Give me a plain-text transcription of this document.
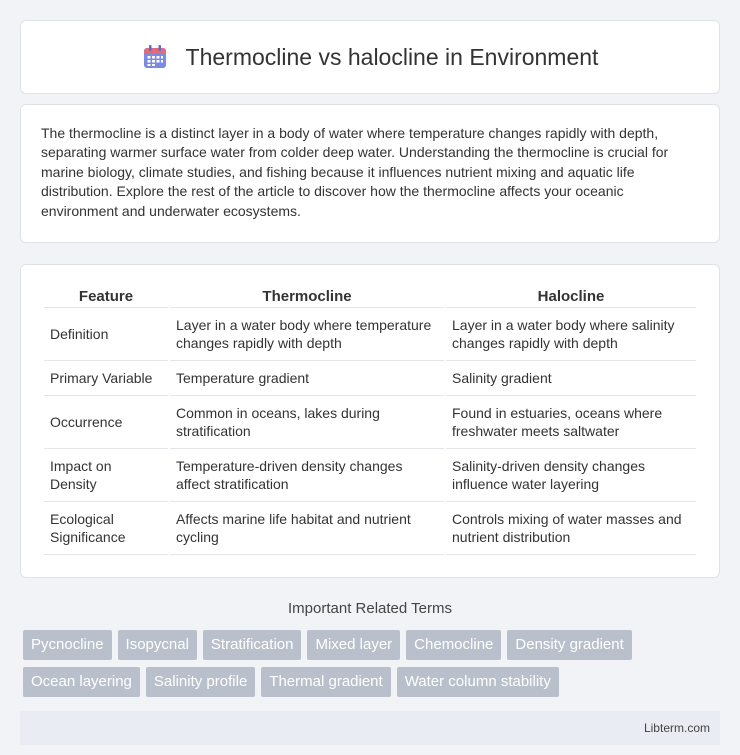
Thermocline vs halocline in Environment

The thermocline is a distinct layer in a body of water where temperature changes rapidly with depth, separating warmer surface water from colder deep water. Understanding the thermocline is crucial for marine biology, climate studies, and fishing because it influences nutrient mixing and aquatic life distribution. Explore the rest of the article to discover how the thermocline affects your oceanic environment and underwater ecosystems.

Feature	Thermocline	Halocline
Definition	Layer in a water body where temperature changes rapidly with depth	Layer in a water body where salinity changes rapidly with depth
Primary Variable	Temperature gradient	Salinity gradient
Occurrence	Common in oceans, lakes during stratification	Found in estuaries, oceans where freshwater meets saltwater
Impact on Density	Temperature-driven density changes affect stratification	Salinity-driven density changes influence water layering
Ecological Significance	Affects marine life habitat and nutrient cycling	Controls mixing of water masses and nutrient distribution
Important Related Terms
Pycnocline	Isopycnal	Stratification	Mixed layer	Chemocline	Density gradient
Ocean layering	Salinity profile	Thermal gradient	Water column stability
Libterm.com
